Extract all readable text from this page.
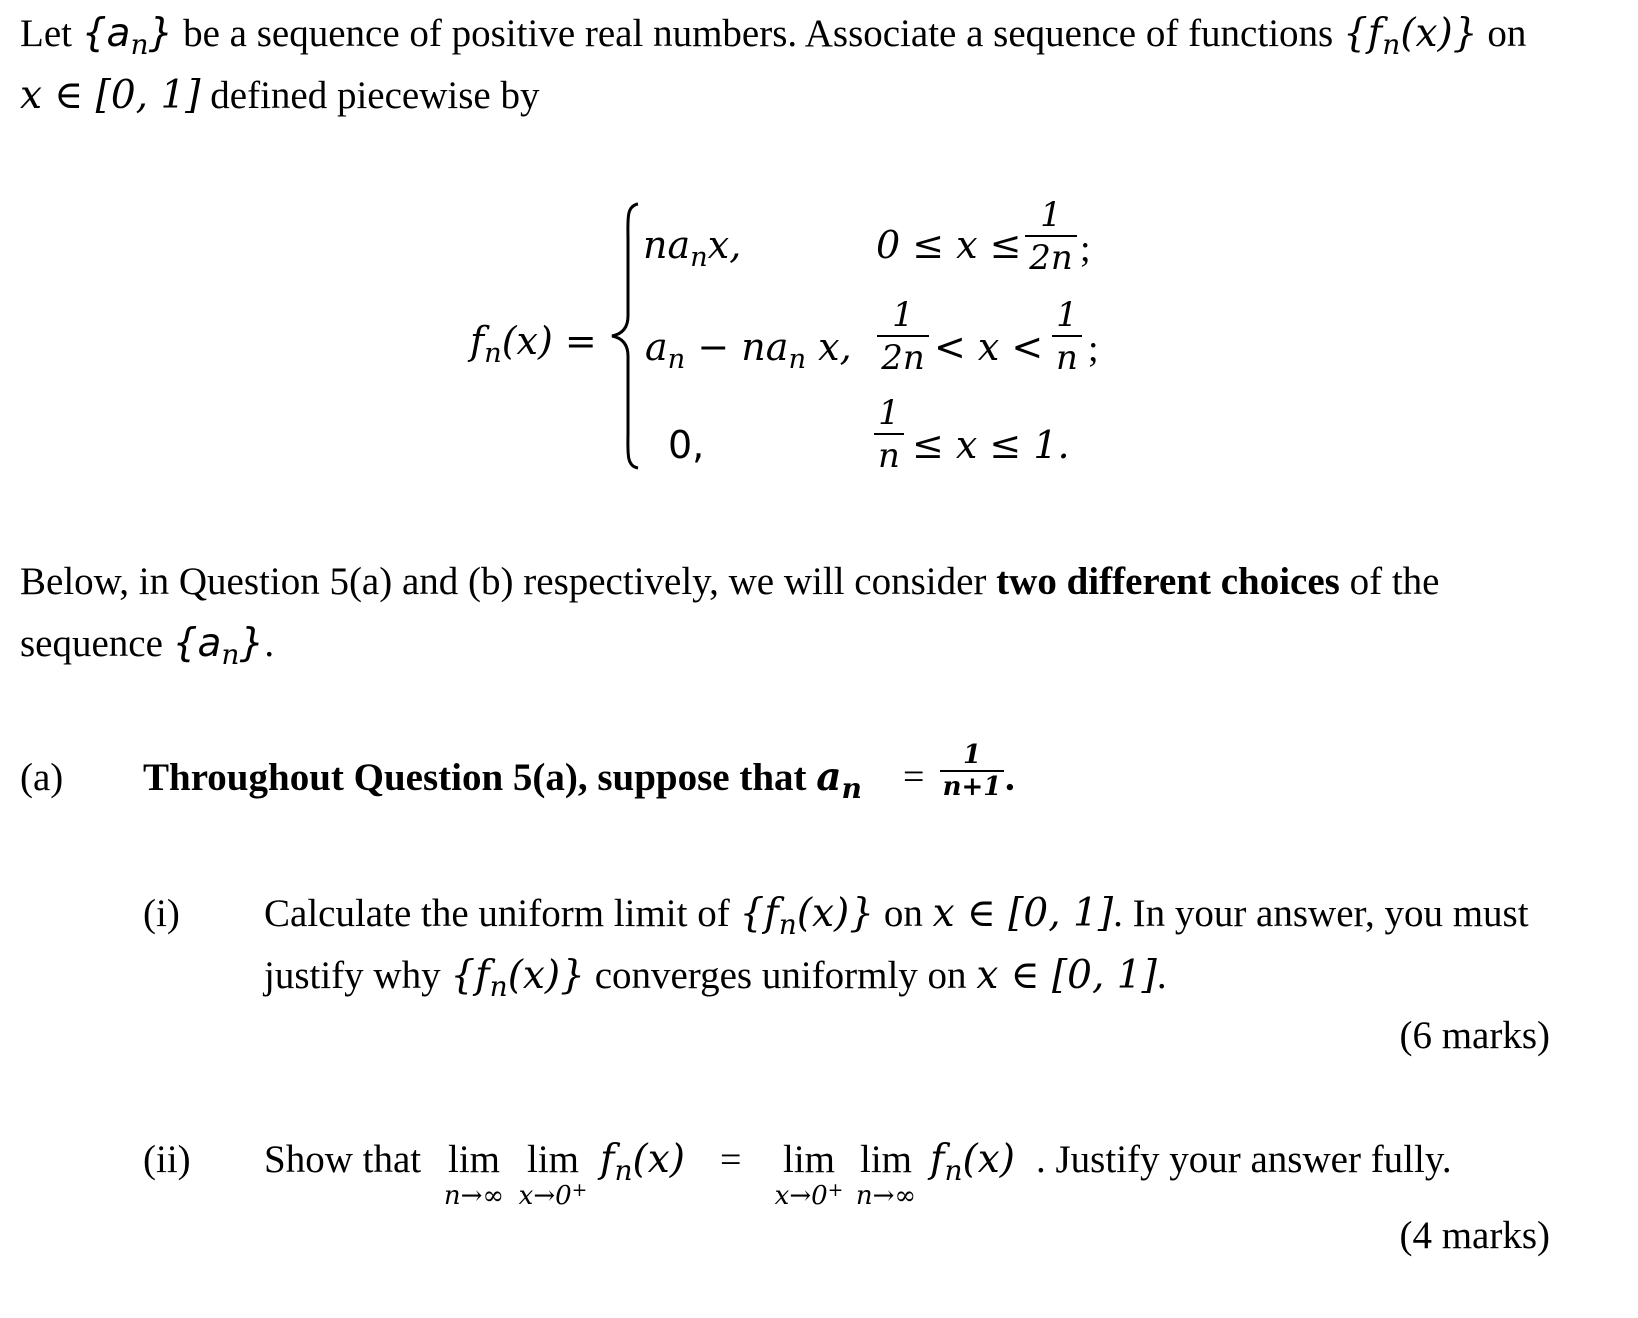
Let $\{a_n\}$ be a sequence of positive real numbers. Associate a sequence of functions $\{f_n(x)\}$ on
x ∈ [0, 1] defined piecewise by
$f_n(x)$ =
$na_nx$,	0 ≤ x ≤
1
2n ;
$a_n - na_n$ x,
1
2n < x <
1
n ;
0,
1
n ≤ x ≤ 1.
Below, in Question 5(a) and (b) respectively, we will consider two different choices of the
sequence $\{a_n\}$.
(a) Throughout Question 5(a), suppose that $a_n$ =
1
n+1 .
(i) Calculate the uniform limit of $\{f_n(x)\}$ on x ∈ [0, 1]. In your answer, you must
justify why $\{f_n(x)\}$ converges uniformly on x ∈ [0, 1].
(6 marks)
(ii) Show that lim
n→∞
lim
x→0+
$f_n(x) = \lim$
x→0+
lim
n→∞
$f_n(x)$ . Justify your answer fully.
(4 marks)
